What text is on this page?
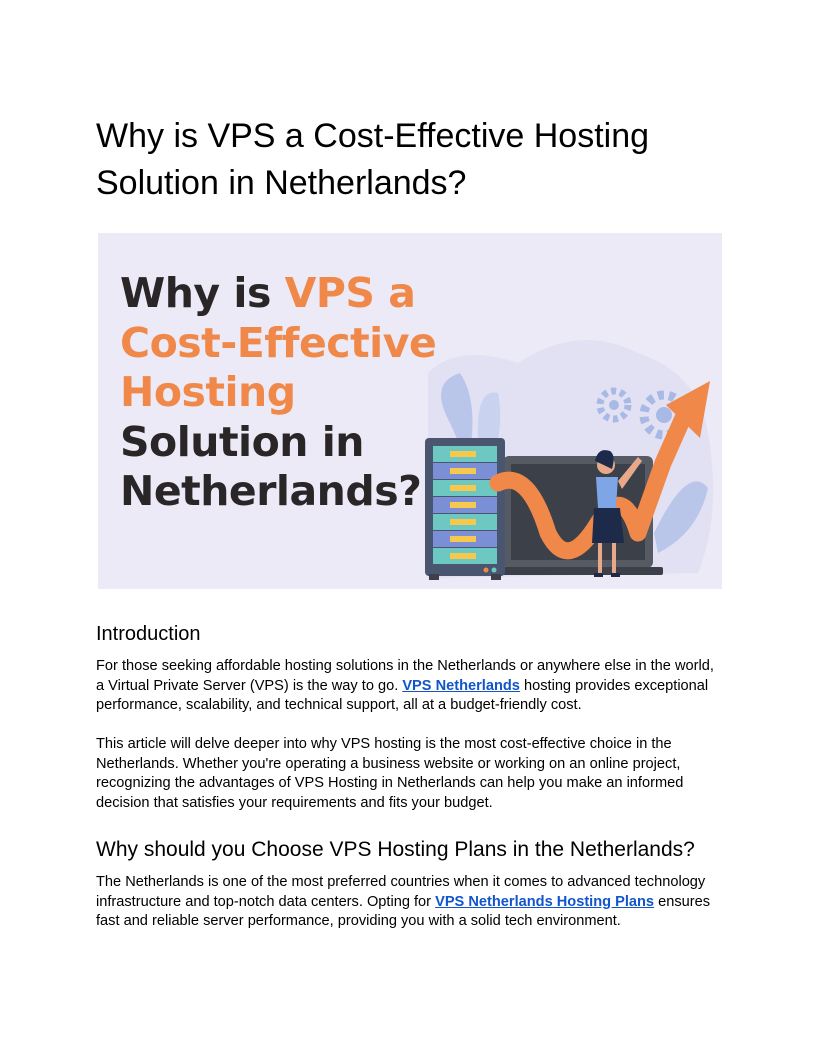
Why is VPS a Cost-Effective Hosting
Solution in Netherlands?
Why is VPS a
Cost-Effective
Hosting
Solution in
Netherlands?
Introduction

For those seeking affordable hosting solutions in the Netherlands or anywhere else in the world, a Virtual Private Server (VPS) is the way to go. VPS Netherlands hosting provides exceptional performance, scalability, and technical support, all at a budget-friendly cost.

This article will delve deeper into why VPS hosting is the most cost-effective choice in the Netherlands. Whether you're operating a business website or working on an online project, recognizing the advantages of VPS Hosting in Netherlands can help you make an informed decision that satisfies your requirements and fits your budget.

Why should you Choose VPS Hosting Plans in the Netherlands?

The Netherlands is one of the most preferred countries when it comes to advanced technology infrastructure and top-notch data centers. Opting for VPS Netherlands Hosting Plans ensures fast and reliable server performance, providing you with a solid tech environment.
